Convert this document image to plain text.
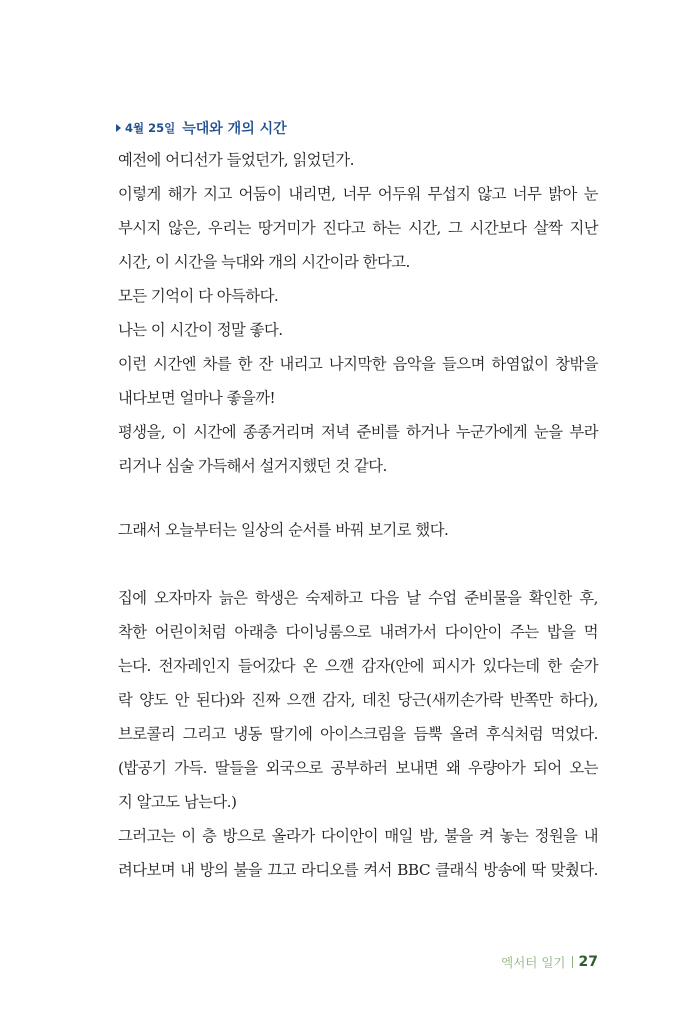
4월 25일 늑대와 개의 시간
예전에 어디선가 들었던가, 읽었던가.
이렇게 해가 지고 어둠이 내리면, 너무 어두워 무섭지 않고 너무 밝아 눈
부시지 않은, 우리는 땅거미가 진다고 하는 시간, 그 시간보다 살짝 지난
시간, 이 시간을 늑대와 개의 시간이라 한다고.
모든 기억이 다 아득하다.
나는 이 시간이 정말 좋다.
이런 시간엔 차를 한 잔 내리고 나지막한 음악을 들으며 하염없이 창밖을
내다보면 얼마나 좋을까!
평생을, 이 시간에 종종거리며 저녁 준비를 하거나 누군가에게 눈을 부라
리거나 심술 가득해서 설거지했던 것 같다.
그래서 오늘부터는 일상의 순서를 바꿔 보기로 했다.
집에 오자마자 늙은 학생은 숙제하고 다음 날 수업 준비물을 확인한 후,
착한 어린이처럼 아래층 다이닝룸으로 내려가서 다이안이 주는 밥을 먹
는다. 전자레인지 들어갔다 온 으깬 감자(안에 피시가 있다는데 한 숟가
락 양도 안 된다)와 진짜 으깬 감자, 데친 당근(새끼손가락 반쪽만 하다),
브로콜리 그리고 냉동 딸기에 아이스크림을 듬뿍 올려 후식처럼 먹었다.
(밥공기 가득. 딸들을 외국으로 공부하러 보내면 왜 우량아가 되어 오는
지 알고도 남는다.)
그러고는 이 층 방으로 올라가 다이안이 매일 밤, 불을 켜 놓는 정원을 내
려다보며 내 방의 불을 끄고 라디오를 켜서 BBC 클래식 방송에 딱 맞췄다.
엑서터 일기 27
